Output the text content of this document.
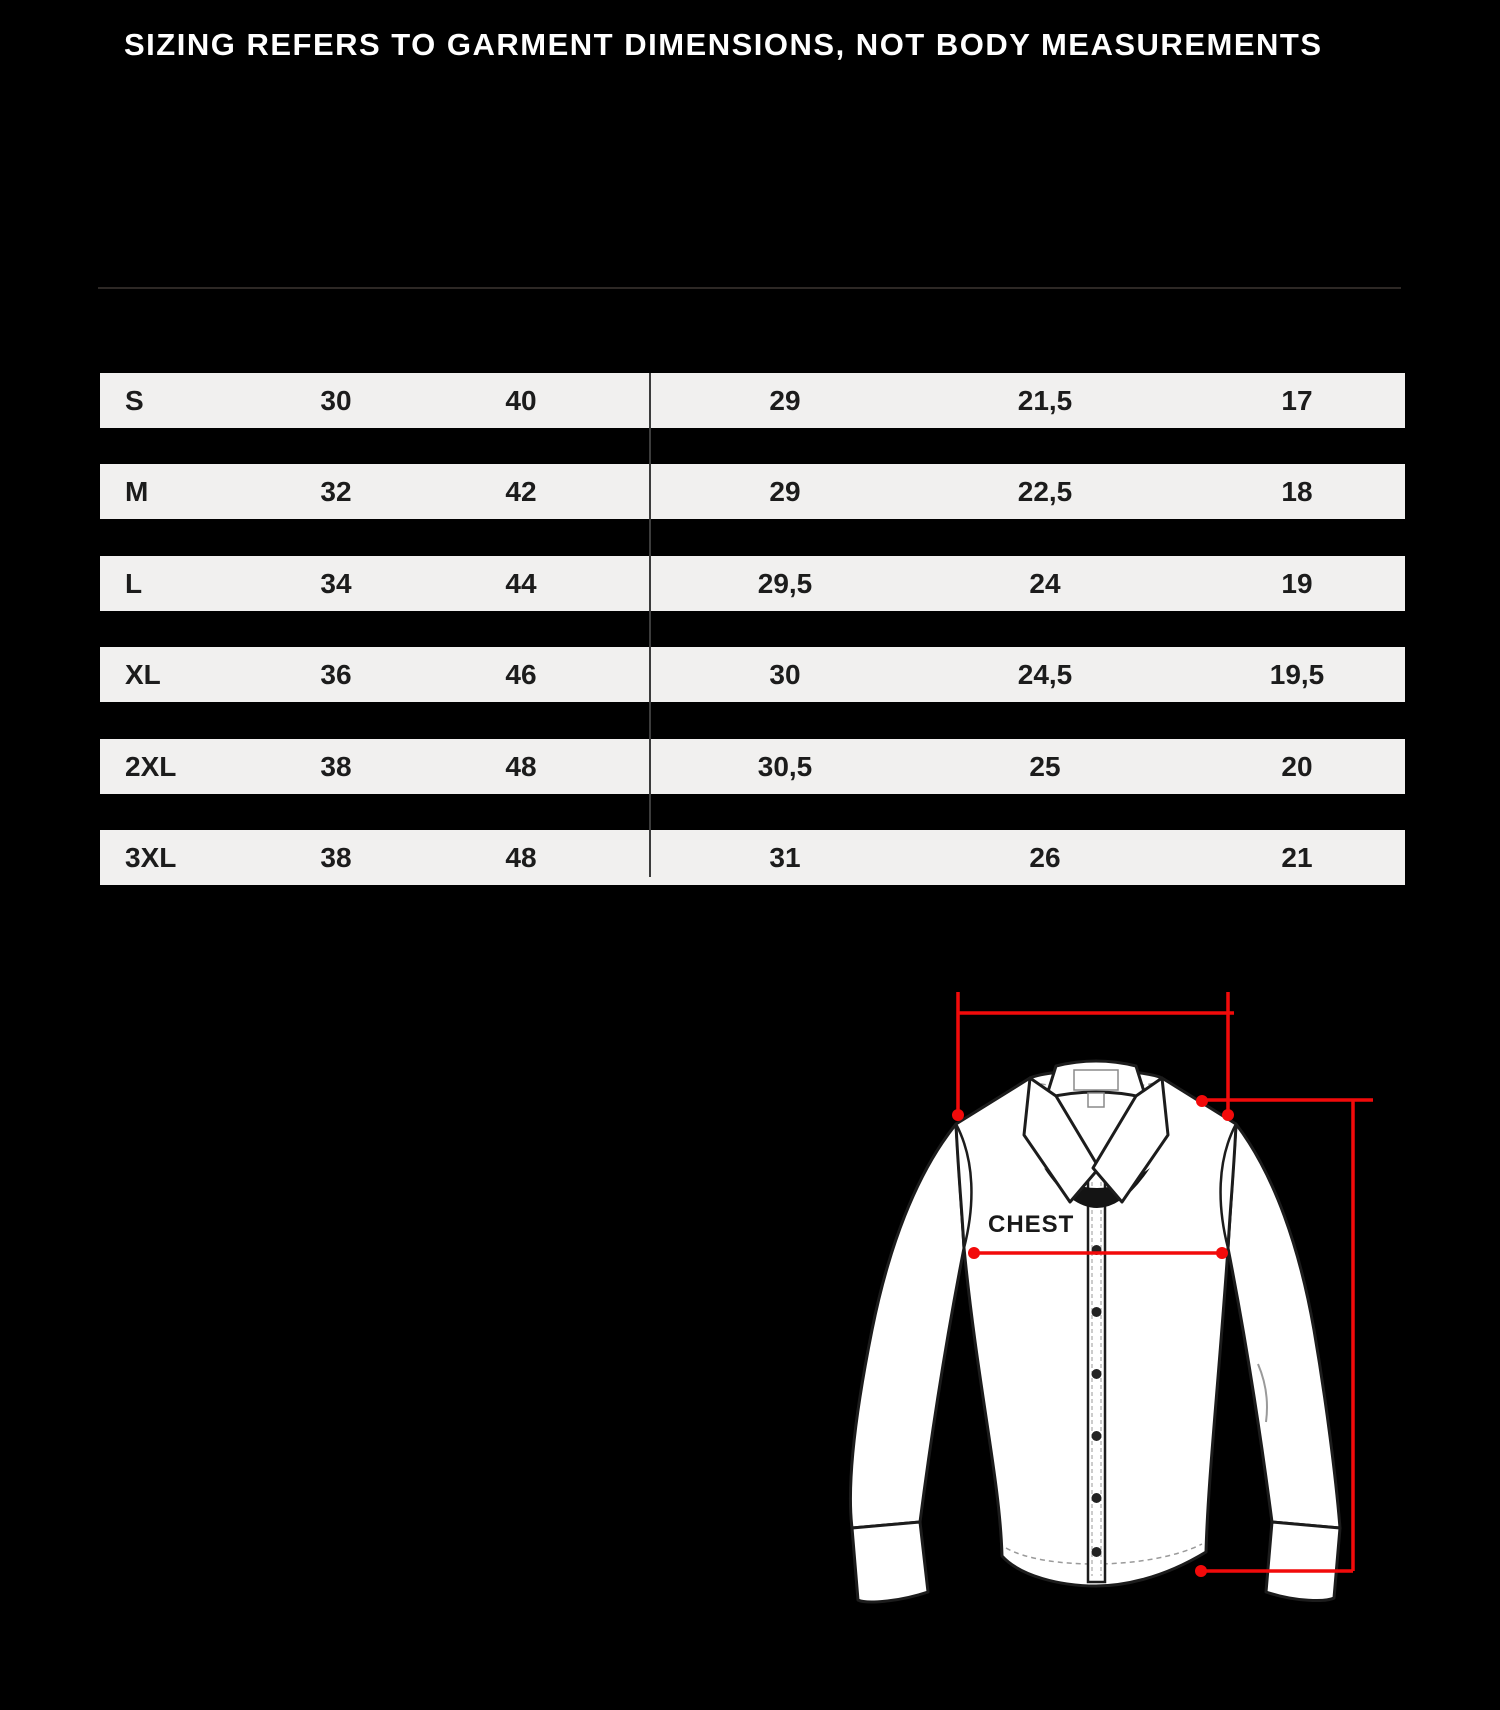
SIZING REFERS TO GARMENT DIMENSIONS, NOT BODY MEASUREMENTS
S	30	40	29	21,5	17
M	32	42	29	22,5	18
L	34	44	29,5	24	19
XL	36	46	30	24,5	19,5
2XL	38	48	30,5	25	20
3XL	38	48	31	26	21
CHEST
